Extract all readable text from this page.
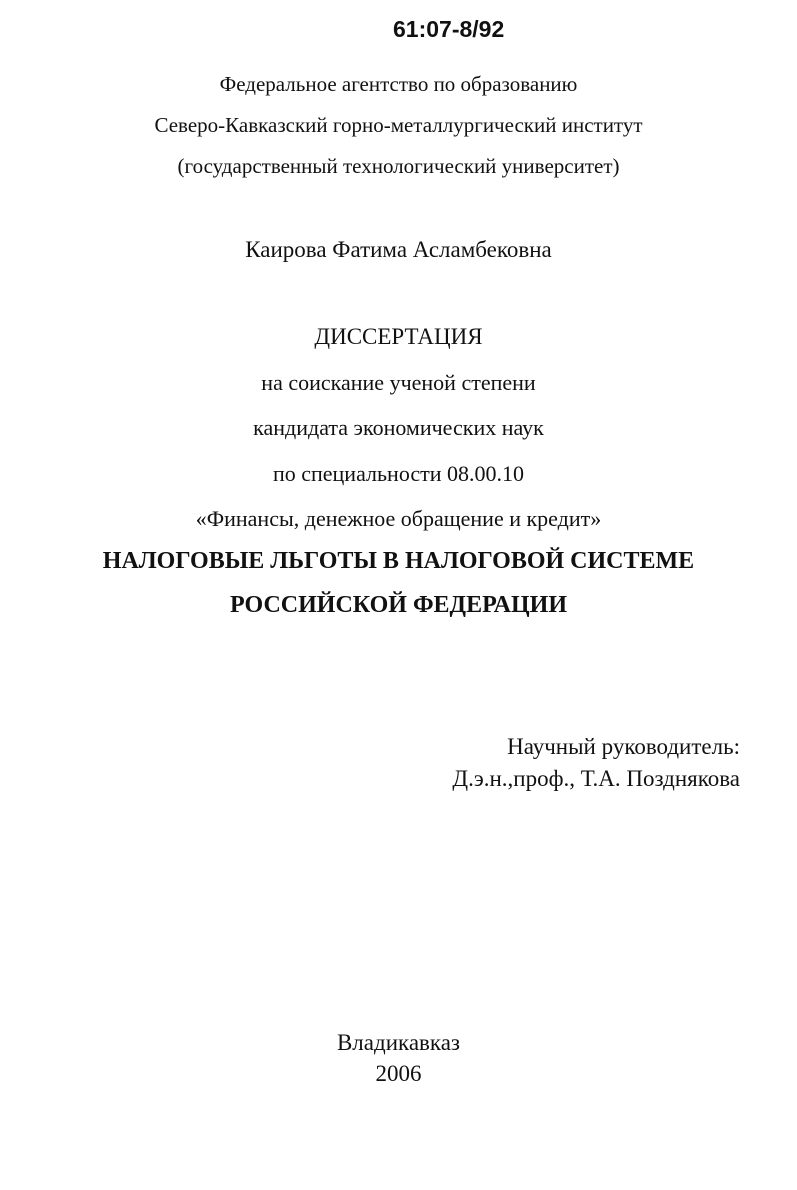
61:07-8/92
Федеральное агентство по образованию
Северо-Кавказский горно-металлургический институт
(государственный технологический университет)
Каирова Фатима Асламбековна
ДИССЕРТАЦИЯ
на соискание ученой степени
кандидата экономических наук
по специальности 08.00.10
«Финансы, денежное обращение и кредит»
НАЛОГОВЫЕ ЛЬГОТЫ В НАЛОГОВОЙ СИСТЕМЕ
РОССИЙСКОЙ ФЕДЕРАЦИИ
Научный руководитель:
Д.э.н.,проф., Т.А. Позднякова
Владикавказ
2006
